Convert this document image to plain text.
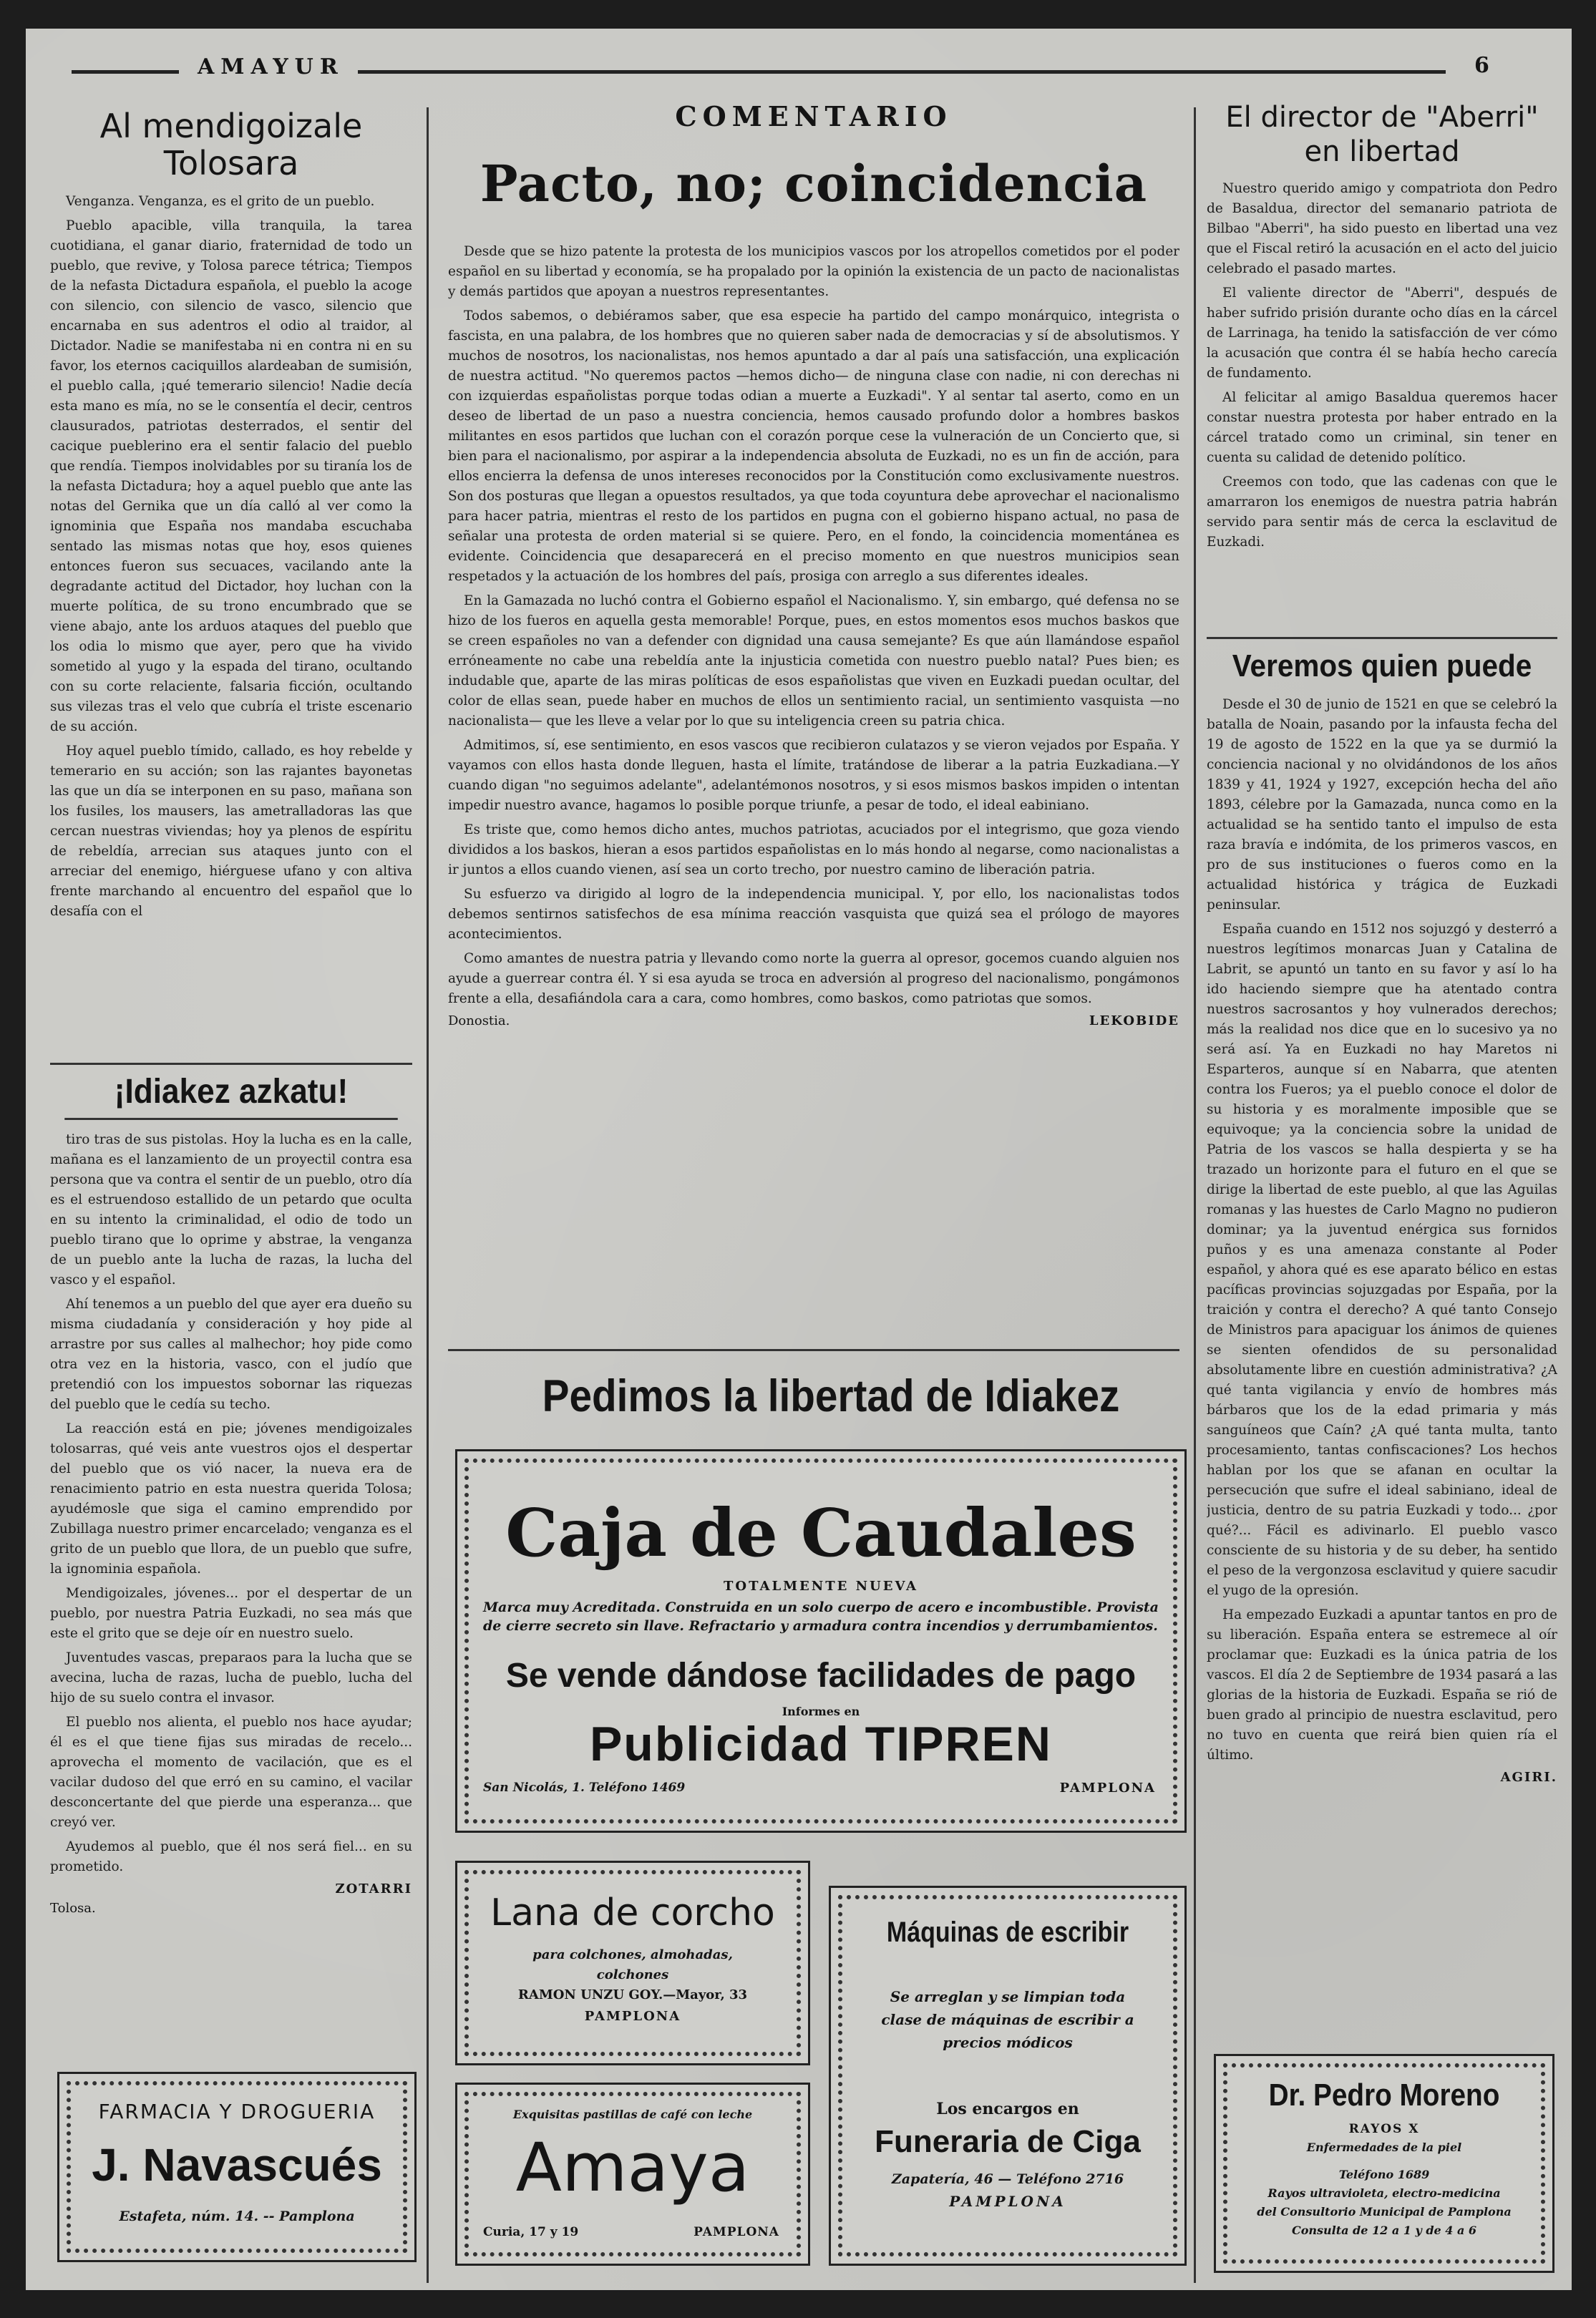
AMAYUR	6
Al mendigoizale Tolosara

Venganza. Venganza, es el grito de un pueblo.

Pueblo apacible, villa tranquila, la tarea cuotidiana, el ganar diario, fraternidad de todo un pueblo, que revive, y Tolosa parece tétrica; Tiempos de la nefasta Dictadura española, el pueblo la acoge con silencio, con silencio de vasco, silencio que encarnaba en sus adentros el odio al traidor, al Dictador. Nadie se manifestaba ni en contra ni en su favor, los eternos caciquillos alardeaban de sumisión, el pueblo calla, ¡qué temerario silencio! Nadie decía esta mano es mía, no se le consentía el decir, centros clausurados, patriotas desterrados, el sentir del cacique pueblerino era el sentir falacio del pueblo que rendía. Tiempos inolvidables por su tiranía los de la nefasta Dictadura; hoy a aquel pueblo que ante las notas del Gernika que un día calló al ver como la ignominia que España nos mandaba escuchaba sentado las mismas notas que hoy, esos quienes entonces fueron sus secuaces, vacilando ante la degradante actitud del Dictador, hoy luchan con la muerte política, de su trono encumbrado que se viene abajo, ante los arduos ataques del pueblo que los odia lo mismo que ayer, pero que ha vivido sometido al yugo y la espada del tirano, ocultando con su corte relaciente, falsaria ficción, ocultando sus vilezas tras el velo que cubría el triste escenario de su acción.

Hoy aquel pueblo tímido, callado, es hoy rebelde y temerario en su acción; son las rajantes bayonetas las que un día se interponen en su paso, mañana son los fusiles, los mausers, las ametralladoras las que cercan nuestras viviendas; hoy ya plenos de espíritu de rebeldía, arrecian sus ataques junto con el arreciar del enemigo, hiérguese ufano y con altiva frente marchando al encuentro del español que lo desafía con el

¡Idiakez azkatu!

tiro tras de sus pistolas. Hoy la lucha es en la calle, mañana es el lanzamiento de un proyectil contra esa persona que va contra el sentir de un pueblo, otro día es el estruendoso estallido de un petardo que oculta en su intento la criminalidad, el odio de todo un pueblo tirano que lo oprime y abstrae, la venganza de un pueblo ante la lucha de razas, la lucha del vasco y el español.

Ahí tenemos a un pueblo del que ayer era dueño su misma ciudadanía y consideración y hoy pide al arrastre por sus calles al malhechor; hoy pide como otra vez en la historia, vasco, con el judío que pretendió con los impuestos sobornar las riquezas del pueblo que le cedía su techo.

La reacción está en pie; jóvenes mendigoizales tolosarras, qué veis ante vuestros ojos el despertar del pueblo que os vió nacer, la nueva era de renacimiento patrio en esta nuestra querida Tolosa; ayudémosle que siga el camino emprendido por Zubillaga nuestro primer encarcelado; venganza es el grito de un pueblo que llora, de un pueblo que sufre, la ignominia española.

Mendigoizales, jóvenes... por el despertar de un pueblo, por nuestra Patria Euzkadi, no sea más que este el grito que se deje oír en nuestro suelo.

Juventudes vascas, preparaos para la lucha que se avecina, lucha de razas, lucha de pueblo, lucha del hijo de su suelo contra el invasor.

El pueblo nos alienta, el pueblo nos hace ayudar; él es el que tiene fijas sus miradas de recelo... aprovecha el momento de vacilación, que es el vacilar dudoso del que erró en su camino, el vacilar desconcertante del que pierde una esperanza... que creyó ver.

Ayudemos al pueblo, que él nos será fiel... en su prometido.

ZOTARRI
Tolosa.
FARMACIA Y DROGUERIA
J. Navascués
Estafeta, núm. 14. -- Pamplona
COMENTARIO
Pacto, no; coincidencia

Desde que se hizo patente la protesta de los municipios vascos por los atropellos cometidos por el poder español en su libertad y economía, se ha propalado por la opinión la existencia de un pacto de nacionalistas y demás partidos que apoyan a nuestros representantes.

Todos sabemos, o debiéramos saber, que esa especie ha partido del campo monárquico, integrista o fascista, en una palabra, de los hombres que no quieren saber nada de democracias y sí de absolutismos. Y muchos de nosotros, los nacionalistas, nos hemos apuntado a dar al país una satisfacción, una explicación de nuestra actitud. "No queremos pactos —hemos dicho— de ninguna clase con nadie, ni con derechas ni con izquierdas españolistas porque todas odian a muerte a Euzkadi". Y al sentar tal aserto, como en un deseo de libertad de un paso a nuestra conciencia, hemos causado profundo dolor a hombres baskos militantes en esos partidos que luchan con el corazón porque cese la vulneración de un Concierto que, si bien para el nacionalismo, por aspirar a la independencia absoluta de Euzkadi, no es un fin de acción, para ellos encierra la defensa de unos intereses reconocidos por la Constitución como exclusivamente nuestros. Son dos posturas que llegan a opuestos resultados, ya que toda coyuntura debe aprovechar el nacionalismo para hacer patria, mientras el resto de los partidos en pugna con el gobierno hispano actual, no pasa de señalar una protesta de orden material si se quiere. Pero, en el fondo, la coincidencia momentánea es evidente. Coincidencia que desaparecerá en el preciso momento en que nuestros municipios sean respetados y la actuación de los hombres del país, prosiga con arreglo a sus diferentes ideales.

En la Gamazada no luchó contra el Gobierno español el Nacionalismo. Y, sin embargo, qué defensa no se hizo de los fueros en aquella gesta memorable! Porque, pues, en estos momentos esos muchos baskos que se creen españoles no van a defender con dignidad una causa semejante? Es que aún llamándose español erróneamente no cabe una rebeldía ante la injusticia cometida con nuestro pueblo natal? Pues bien; es indudable que, aparte de las miras políticas de esos españolistas que viven en Euzkadi puedan ocultar, del color de ellas sean, puede haber en muchos de ellos un sentimiento racial, un sentimiento vasquista —no nacionalista— que les lleve a velar por lo que su inteligencia creen su patria chica.

Admitimos, sí, ese sentimiento, en esos vascos que recibieron culatazos y se vieron vejados por España. Y vayamos con ellos hasta donde lleguen, hasta el límite, tratándose de liberar a la patria Euzkadiana.—Y cuando digan "no seguimos adelante", adelantémonos nosotros, y si esos mismos baskos impiden o intentan impedir nuestro avance, hagamos lo posible porque triunfe, a pesar de todo, el ideal eabiniano.

Es triste que, como hemos dicho antes, muchos patriotas, acuciados por el integrismo, que goza viendo divididos a los baskos, hieran a esos partidos españolistas en lo más hondo al negarse, como nacionalistas a ir juntos a ellos cuando vienen, así sea un corto trecho, por nuestro camino de liberación patria.

Su esfuerzo va dirigido al logro de la independencia municipal. Y, por ello, los nacionalistas todos debemos sentirnos satisfechos de esa mínima reacción vasquista que quizá sea el prólogo de mayores acontecimientos.

Como amantes de nuestra patria y llevando como norte la guerra al opresor, gocemos cuando alguien nos ayude a guerrear contra él. Y si esa ayuda se troca en adversión al progreso del nacionalismo, pongámonos frente a ella, desafiándola cara a cara, como hombres, como baskos, como patriotas que somos.

Donostia.	LEKOBIDE
Pedimos la libertad de Idiakez
Caja de Caudales
TOTALMENTE NUEVA
Marca muy Acreditada. Construida en un solo cuerpo de acero e incombustible. Provista de cierre secreto sin llave. Refractario y armadura contra incendios y derrumbamientos.
Se vende dándose facilidades de pago
Informes en
Publicidad TIPREN
San Nicolás, 1. Teléfono 1469	PAMPLONA
Lana de corcho
para colchones, almohadas,
colchones
RAMON UNZU GOY.—Mayor, 33
PAMPLONA
Exquisitas pastillas de café con leche
Amaya
Curia, 17 y 19	PAMPLONA
Máquinas de escribir
Se arreglan y se limpian toda
clase de máquinas de escribir a
precios módicos
Los encargos en
Funeraria de Ciga
Zapatería, 46 — Teléfono 2716
PAMPLONA
El director de "Aberri" en libertad

Nuestro querido amigo y compatriota don Pedro de Basaldua, director del semanario patriota de Bilbao "Aberri", ha sido puesto en libertad una vez que el Fiscal retiró la acusación en el acto del juicio celebrado el pasado martes.

El valiente director de "Aberri", después de haber sufrido prisión durante ocho días en la cárcel de Larrinaga, ha tenido la satisfacción de ver cómo la acusación que contra él se había hecho carecía de fundamento.

Al felicitar al amigo Basaldua queremos hacer constar nuestra protesta por haber entrado en la cárcel tratado como un criminal, sin tener en cuenta su calidad de detenido político.

Creemos con todo, que las cadenas con que le amarraron los enemigos de nuestra patria habrán servido para sentir más de cerca la esclavitud de Euzkadi.

Veremos quien puede

Desde el 30 de junio de 1521 en que se celebró la batalla de Noain, pasando por la infausta fecha del 19 de agosto de 1522 en la que ya se durmió la conciencia nacional y no olvidándonos de los años 1839 y 41, 1924 y 1927, excepción hecha del año 1893, célebre por la Gamazada, nunca como en la actualidad se ha sentido tanto el impulso de esta raza bravía e indómita, de los primeros vascos, en pro de sus instituciones o fueros como en la actualidad histórica y trágica de Euzkadi peninsular.

España cuando en 1512 nos sojuzgó y desterró a nuestros legítimos monarcas Juan y Catalina de Labrit, se apuntó un tanto en su favor y así lo ha ido haciendo siempre que ha atentado contra nuestros sacrosantos y hoy vulnerados derechos; más la realidad nos dice que en lo sucesivo ya no será así. Ya en Euzkadi no hay Maretos ni Esparteros, aunque sí en Nabarra, que atenten contra los Fueros; ya el pueblo conoce el dolor de su historia y es moralmente imposible que se equivoque; ya la conciencia sobre la unidad de Patria de los vascos se halla despierta y se ha trazado un horizonte para el futuro en el que se dirige la libertad de este pueblo, al que las Aguilas romanas y las huestes de Carlo Magno no pudieron dominar; ya la juventud enérgica sus fornidos puños y es una amenaza constante al Poder español, y ahora qué es ese aparato bélico en estas pacíficas provincias sojuzgadas por España, por la traición y contra el derecho? A qué tanto Consejo de Ministros para apaciguar los ánimos de quienes se sienten ofendidos de su personalidad absolutamente libre en cuestión administrativa? ¿A qué tanta vigilancia y envío de hombres más bárbaros que los de la edad primaria y más sanguíneos que Caín? ¿A qué tanta multa, tanto procesamiento, tantas confiscaciones? Los hechos hablan por los que se afanan en ocultar la persecución que sufre el ideal sabiniano, ideal de justicia, dentro de su patria Euzkadi y todo... ¿por qué?... Fácil es adivinarlo. El pueblo vasco consciente de su historia y de su deber, ha sentido el peso de la vergonzosa esclavitud y quiere sacudir el yugo de la opresión.

Ha empezado Euzkadi a apuntar tantos en pro de su liberación. España entera se estremece al oír proclamar que: Euzkadi es la única patria de los vascos. El día 2 de Septiembre de 1934 pasará a las glorias de la historia de Euzkadi. España se rió de buen grado al principio de nuestra esclavitud, pero no tuvo en cuenta que reirá bien quien ría el último.

AGIRI.
Dr. Pedro Moreno
RAYOS X
Enfermedades de la piel
Teléfono 1689
Rayos ultravioleta, electro-medicina
del Consultorio Municipal de Pamplona
Consulta de 12 a 1 y de 4 a 6
